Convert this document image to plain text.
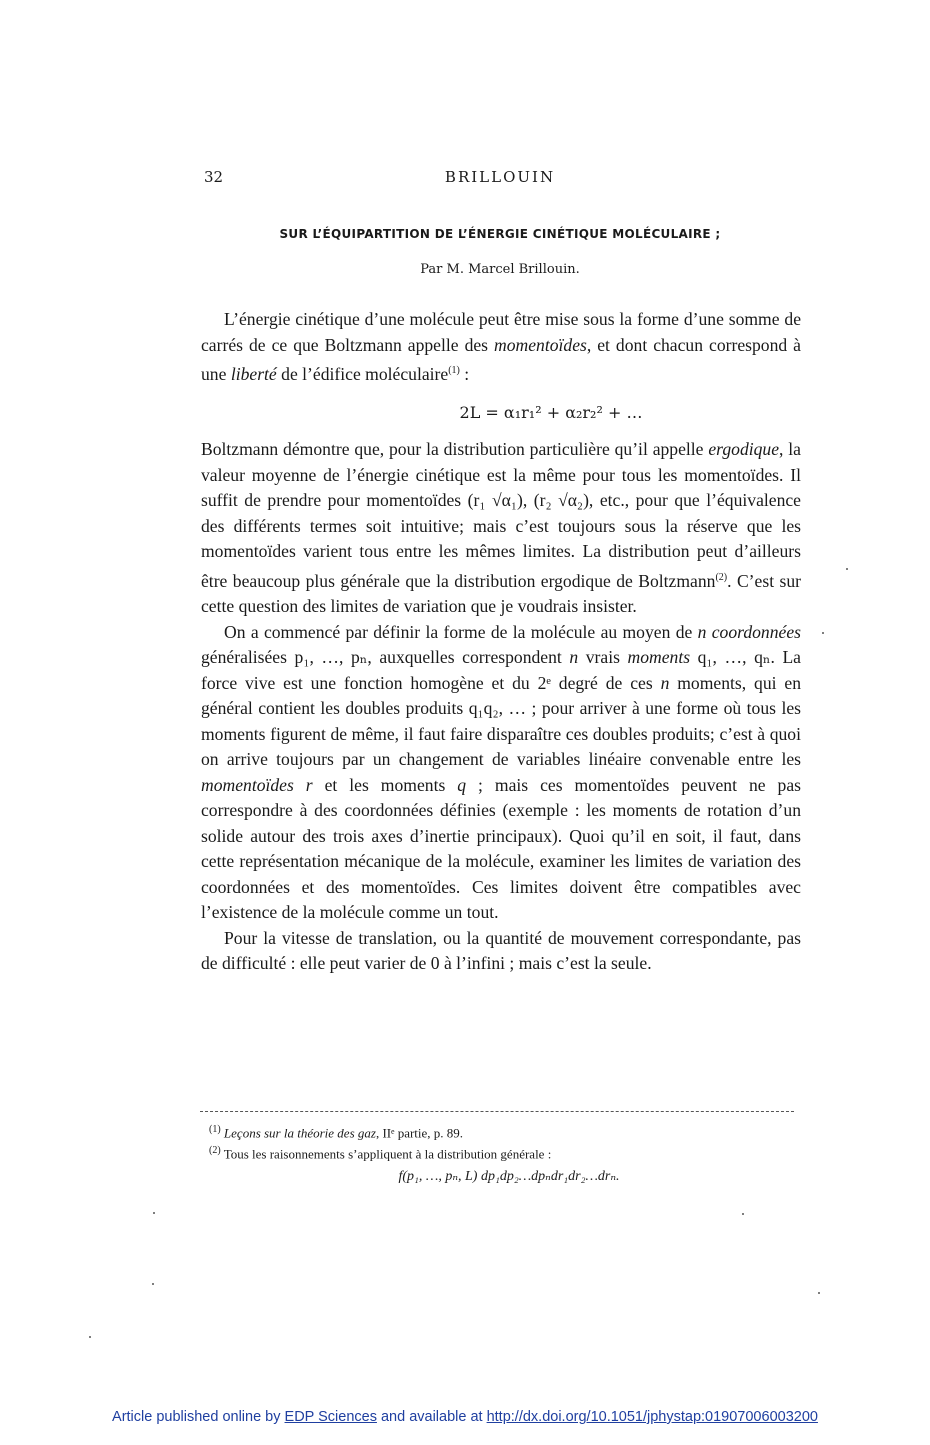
32	BRILLOUIN
SUR L’ÉQUIPARTITION DE L’ÉNERGIE CINÉTIQUE MOLÉCULAIRE ;
Par M. Marcel Brillouin.

L’énergie cinétique d’une molécule peut être mise sous la forme d’une somme de carrés de ce que Boltzmann appelle des momentoïdes, et dont chacun correspond à une liberté de l’édifice moléculaire$^{(1)}$ :

2L = α₁r₁² + α₂r₂² + …

Boltzmann démontre que, pour la distribution particulière qu’il appelle ergodique, la valeur moyenne de l’énergie cinétique est la même pour tous les momentoïdes. Il suffit de prendre pour momentoïdes (r₁ √α₁), (r₂ √α₂), etc., pour que l’équivalence des différents termes soit intuitive; mais c’est toujours sous la réserve que les momentoïdes varient tous entre les mêmes limites. La distribution peut d’ailleurs être beaucoup plus générale que la distribution ergodique de Boltzmann$^{(2)}$. C’est sur cette question des limites de variation que je voudrais insister.

On a commencé par définir la forme de la molécule au moyen de n coordonnées généralisées p₁, …, pₙ, auxquelles correspondent n vrais moments q₁, …, qₙ. La force vive est une fonction homogène et du 2ᵉ degré de ces n moments, qui en général contient les doubles produits q₁q₂, … ; pour arriver à une forme où tous les moments figurent de même, il faut faire disparaître ces doubles produits; c’est à quoi on arrive toujours par un changement de variables linéaire convenable entre les momentoïdes r et les moments q ; mais ces momentoïdes peuvent ne pas correspondre à des coordonnées définies (exemple : les moments de rotation d’un solide autour des trois axes d’inertie principaux). Quoi qu’il en soit, il faut, dans cette représentation mécanique de la molécule, examiner les limites de variation des coordonnées et des momentoïdes. Ces limites doivent être compatibles avec l’existence de la molécule comme un tout.

Pour la vitesse de translation, ou la quantité de mouvement correspondante, pas de difficulté : elle peut varier de 0 à l’infini ; mais c’est la seule.

$^{(1)}$ Leçons sur la théorie des gaz, IIᵉ partie, p. 89.
$^{(2)}$ Tous les raisonnements s’appliquent à la distribution générale :
f(p₁, …, pₙ, L) dp₁dp₂…dpₙdr₁dr₂…drₙ.
Article published online by EDP Sciences and available at http://dx.doi.org/10.1051/jphystap:01907006003200
